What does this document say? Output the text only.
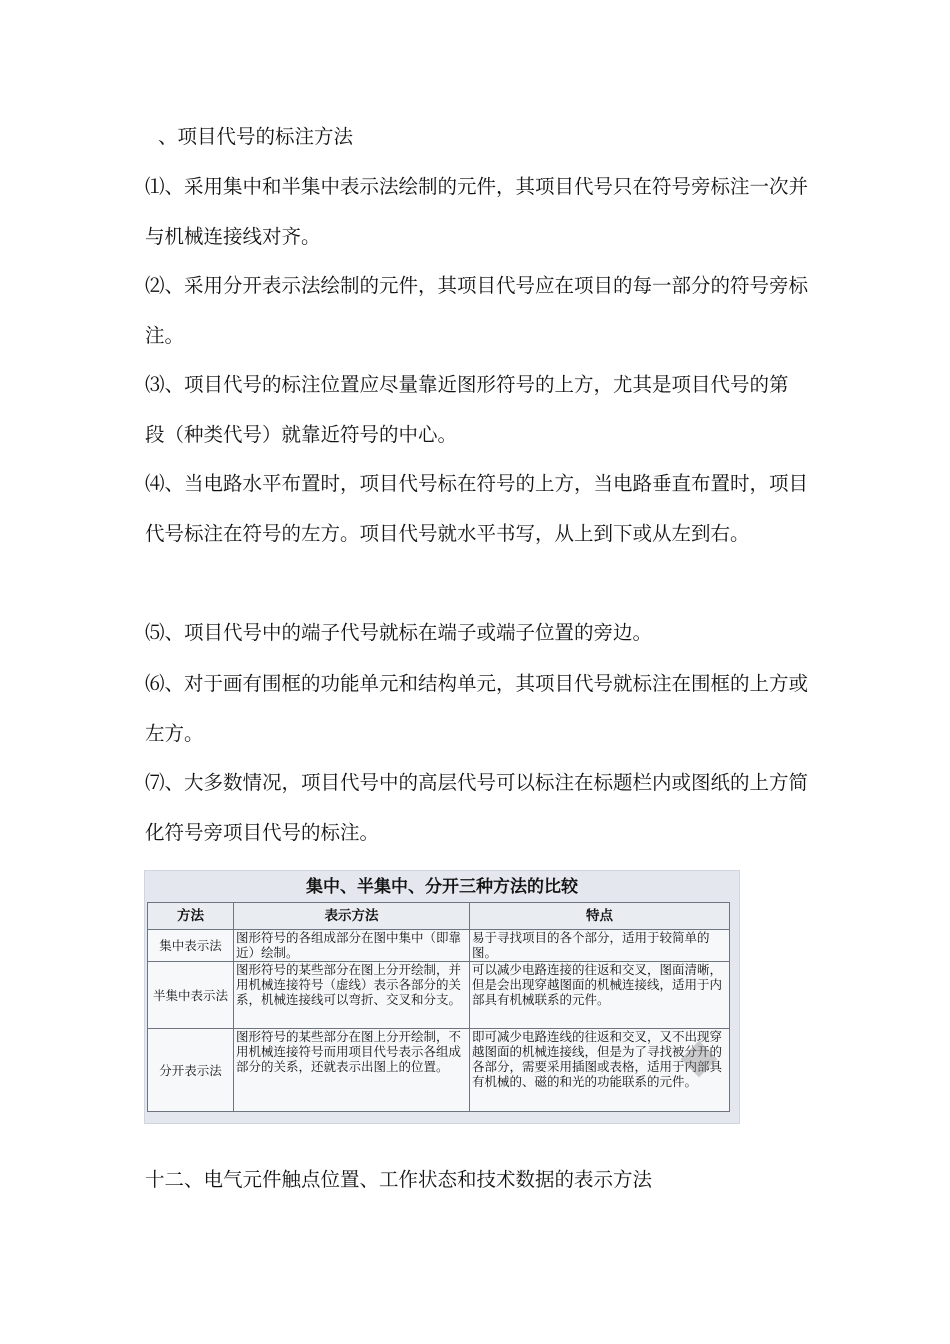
、项目代号的标注方法

⑴、采用集中和半集中表示法绘制的元件，其项目代号只在符号旁标注一次并与机械连接线对齐。

⑵、采用分开表示法绘制的元件，其项目代号应在项目的每一部分的符号旁标注。

⑶、项目代号的标注位置应尽量靠近图形符号的上方，尤其是项目代号的第　段（种类代号）就靠近符号的中心。

⑷、当电路水平布置时，项目代号标在符号的上方，当电路垂直布置时，项目代号标注在符号的左方。项目代号就水平书写，从上到下或从左到右。

⑸、项目代号中的端子代号就标在端子或端子位置的旁边。

⑹、对于画有围框的功能单元和结构单元，其项目代号就标注在围框的上方或左方。

⑺、大多数情况，项目代号中的高层代号可以标注在标题栏内或图纸的上方简化符号旁项目代号的标注。

集中、半集中、分开三种方法的比较
方法	表示方法	特点
集中表示法	图形符号的各组成部分在图中集中（即靠近）绘制。	易于寻找项目的各个部分，适用于较简单的图。
半集中表示法	图形符号的某些部分在图上分开绘制，并用机械连接符号（虚线）表示各部分的关系，机械连接线可以弯折、交叉和分支。	可以减少电路连接的往返和交叉，图面清晰，但是会出现穿越图面的机械连接线，适用于内部具有机械联系的元件。
分开表示法	图形符号的某些部分在图上分开绘制，不用机械连接符号而用项目代号表示各组成部分的关系，还就表示出图上的位置。	即可减少电路连线的往返和交叉，又不出现穿越图面的机械连接线，但是为了寻找被分开的各部分，需要采用插图或表格，适用于内部具有机械的、磁的和光的功能联系的元件。

十二、电气元件触点位置、工作状态和技术数据的表示方法
